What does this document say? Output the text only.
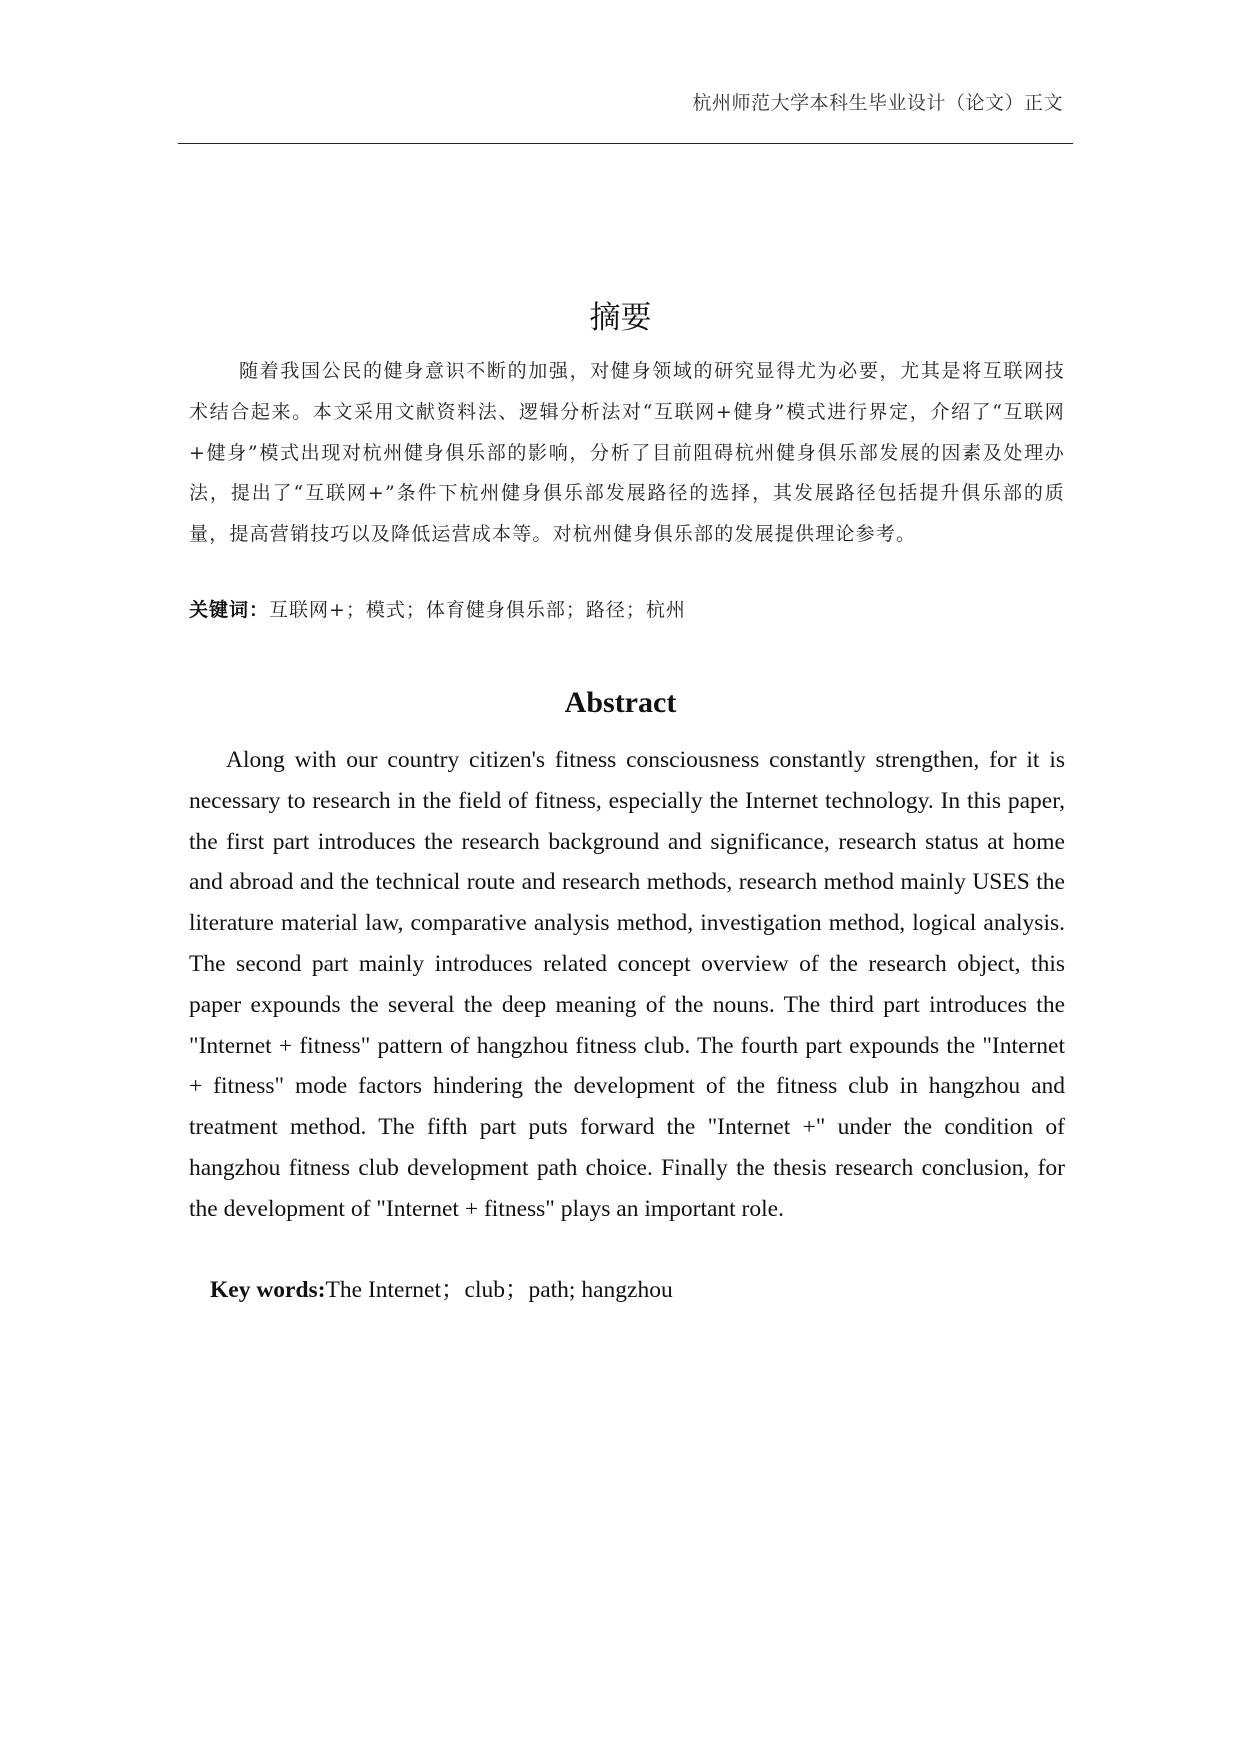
杭州师范大学本科生毕业设计（论文）正文
摘要

随着我国公民的健身意识不断的加强，对健身领域的研究显得尤为必要，尤其是将互联网技术结合起来。本文采用文献资料法、逻辑分析法对“互联网+健身”模式进行界定，介绍了“互联网+健身”模式出现对杭州健身俱乐部的影响，分析了目前阻碍杭州健身俱乐部发展的因素及处理办法，提出了“互联网+”条件下杭州健身俱乐部发展路径的选择，其发展路径包括提升俱乐部的质量，提高营销技巧以及降低运营成本等。对杭州健身俱乐部的发展提供理论参考。

关键词：互联网+；模式；体育健身俱乐部；路径；杭州
Abstract

Along with our country citizen's fitness consciousness constantly strengthen, for it is necessary to research in the field of fitness, especially the Internet technology. In this paper, the first part introduces the research background and significance, research status at home and abroad and the technical route and research methods, research method mainly USES the literature material law, comparative analysis method, investigation method, logical analysis. The second part mainly introduces related concept overview of the research object, this paper expounds the several the deep meaning of the nouns. The third part introduces the "Internet + fitness" pattern of hangzhou fitness club. The fourth part expounds the "Internet + fitness" mode factors hindering the development of the fitness club in hangzhou and treatment method. The fifth part puts forward the "Internet +" under the condition of hangzhou fitness club development path choice. Finally the thesis research conclusion, for the development of "Internet + fitness" plays an important role.

Key words:The Internet；club；path; hangzhou
